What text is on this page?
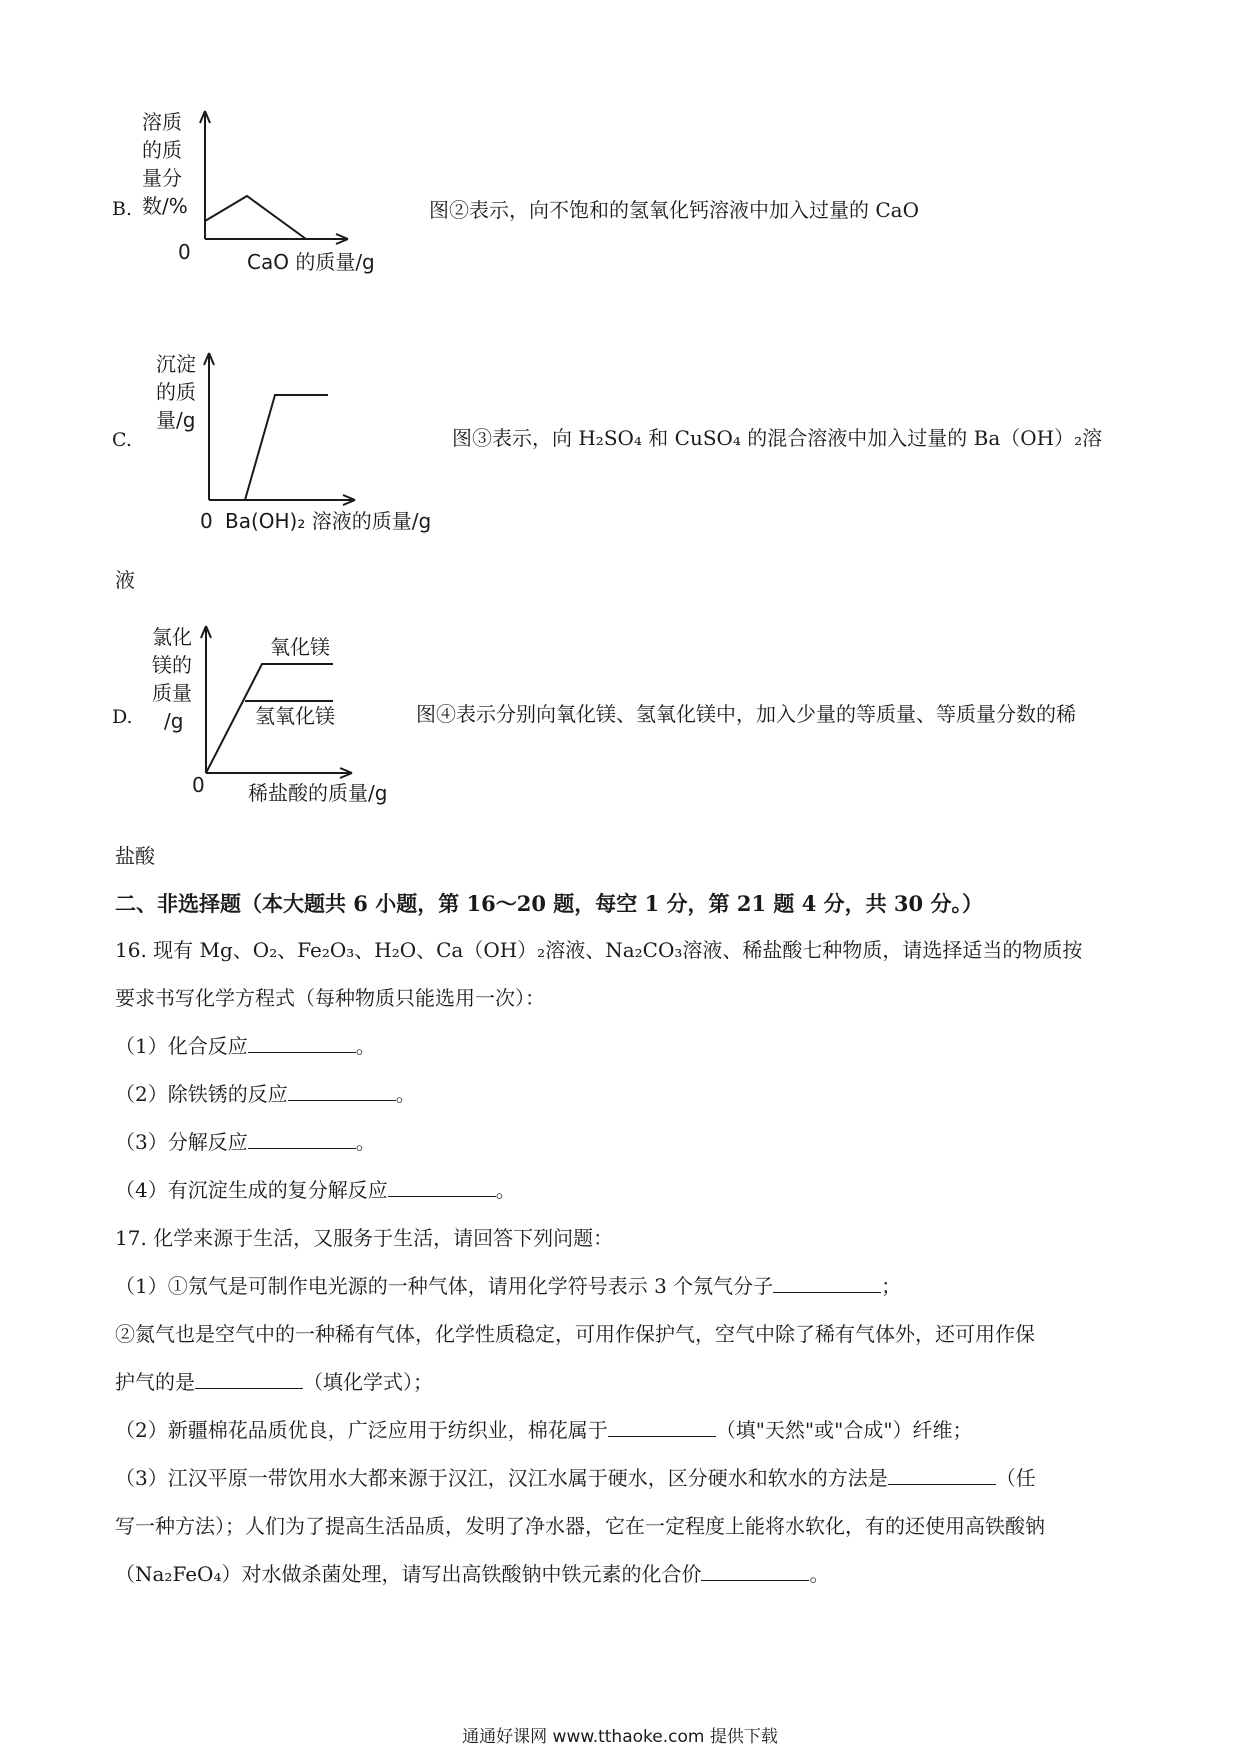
B.
溶质
的质
量分
数/%
0	CaO 的质量/g
图②表示，向不饱和的氢氧化钙溶液中加入过量的 CaO
C.
沉淀
的质
量/g
0 Ba(OH)₂ 溶液的质量/g
图③表示，向 H₂SO₄ 和 CuSO₄ 的混合溶液中加入过量的 Ba（OH）₂溶
液
D.
氯化
镁的
质量
/g
氧化镁
氢氧化镁
0 稀盐酸的质量/g
图④表示分别向氧化镁、氢氧化镁中，加入少量的等质量、等质量分数的稀
盐酸
二、非选择题（本大题共 6 小题，第 16～20 题，每空 1 分，第 21 题 4 分，共 30 分。）
16. 现有 Mg、O₂、Fe₂O₃、H₂O、Ca（OH）₂溶液、Na₂CO₃溶液、稀盐酸七种物质，请选择适当的物质按
要求书写化学方程式（每种物质只能选用一次）：
（1）化合反应	。
（2）除铁锈的反应	。
（3）分解反应	。
（4）有沉淀生成的复分解反应	。
17. 化学来源于生活，又服务于生活，请回答下列问题：
（1）①氖气是可制作电光源的一种气体，请用化学符号表示 3 个氖气分子	；
②氮气也是空气中的一种稀有气体，化学性质稳定，可用作保护气，空气中除了稀有气体外，还可用作保
护气的是	（填化学式）；
（2）新疆棉花品质优良，广泛应用于纺织业，棉花属于	（填"天然"或"合成"）纤维；
（3）江汉平原一带饮用水大都来源于汉江，汉江水属于硬水，区分硬水和软水的方法是	（任
写一种方法）；人们为了提高生活品质，发明了净水器，它在一定程度上能将水软化，有的还使用高铁酸钠
（Na₂FeO₄）对水做杀菌处理，请写出高铁酸钠中铁元素的化合价	。
通通好课网 www.tthaoke.com 提供下载
